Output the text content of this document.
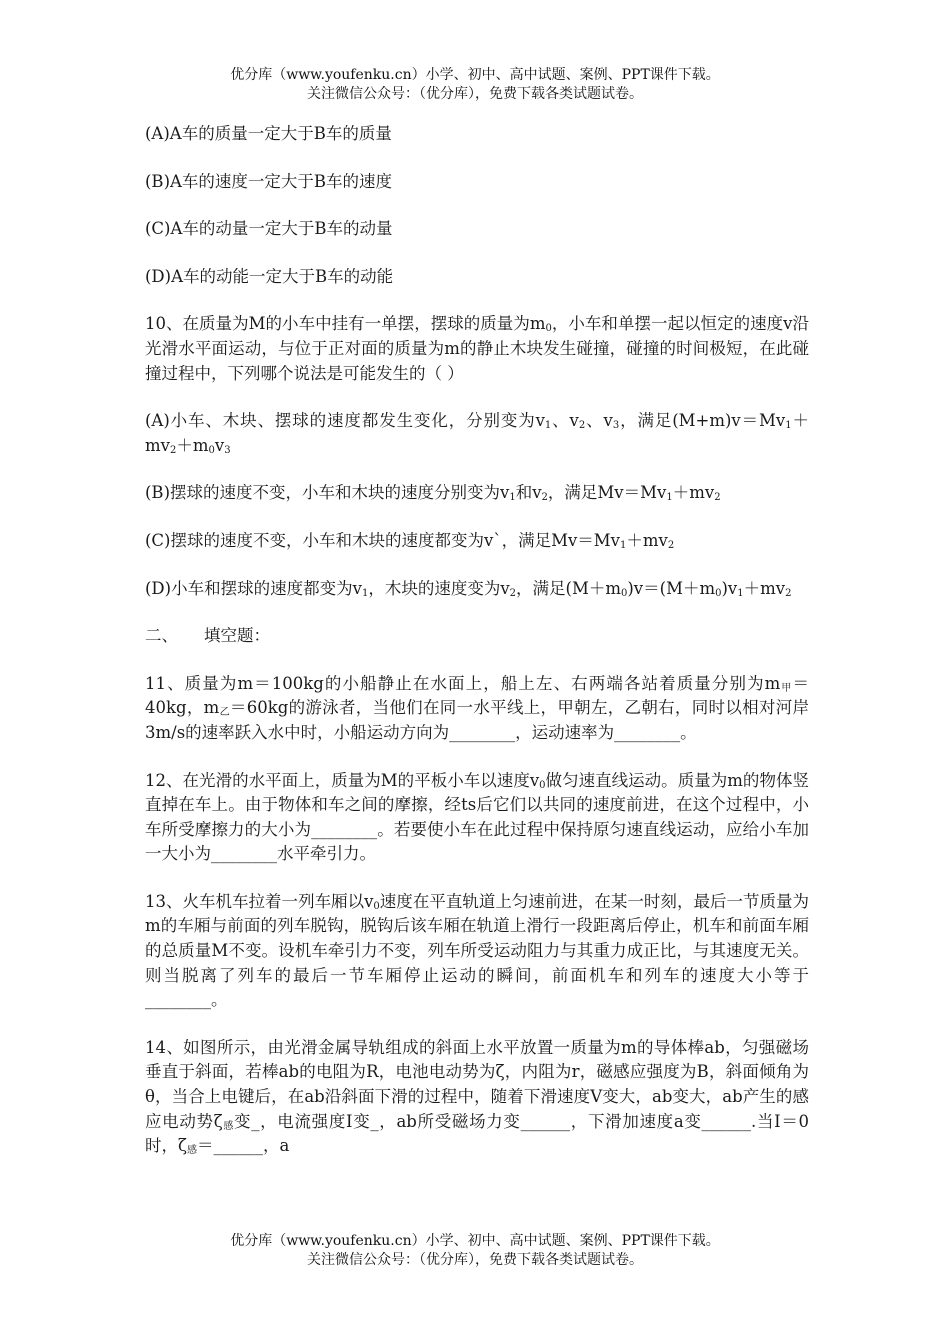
优分库（www.youfenku.cn）小学、初中、高中试题、案例、PPT课件下载。
关注微信公众号：（优分库），免费下载各类试题试卷。

(A)A车的质量一定大于B车的质量

(B)A车的速度一定大于B车的速度

(C)A车的动量一定大于B车的动量

(D)A车的动能一定大于B车的动能

10、在质量为M的小车中挂有一单摆，摆球的质量为$m_0$，小车和单摆一起以恒定的速度v沿光滑水平面运动，与位于正对面的质量为m的静止木块发生碰撞，碰撞的时间极短，在此碰撞过程中，下列哪个说法是可能发生的（ ）

(A)小车、木块、摆球的速度都发生变化，分别变为$v_1$、$v_2$、$v_3$，满足$(M+m)v=Mv_1+mv_2+m_0v_3$

(B)摆球的速度不变，小车和木块的速度分别变为$v_1$和$v_2$，满足$Mv=Mv_1+mv_2$

(C)摆球的速度不变，小车和木块的速度都变为v`，满足$Mv=Mv_1+mv_2$

(D)小车和摆球的速度都变为$v_1$，木块的速度变为$v_2$，满足$(M+m_0)v=(M+m_0)v_1+mv_2$

二、 填空题：

11、质量为m＝100kg的小船静止在水面上，船上左、右两端各站着质量分别为$m_甲=40kg$，$m_乙=60kg$的游泳者，当他们在同一水平线上，甲朝左，乙朝右，同时以相对河岸3m/s的速率跃入水中时，小船运动方向为________，运动速率为________。

12、在光滑的水平面上，质量为M的平板小车以速度$v_0$做匀速直线运动。质量为m的物体竖直掉在车上。由于物体和车之间的摩擦，经ts后它们以共同的速度前进，在这个过程中，小车所受摩擦力的大小为________。若要使小车在此过程中保持原匀速直线运动，应给小车加一大小为________水平牵引力。

13、火车机车拉着一列车厢以$v_0$速度在平直轨道上匀速前进，在某一时刻，最后一节质量为m的车厢与前面的列车脱钩，脱钩后该车厢在轨道上滑行一段距离后停止，机车和前面车厢的总质量M不变。设机车牵引力不变，列车所受运动阻力与其重力成正比，与其速度无关。则当脱离了列车的最后一节车厢停止运动的瞬间，前面机车和列车的速度大小等于________。

14、如图所示，由光滑金属导轨组成的斜面上水平放置一质量为m的导体棒ab，匀强磁场垂直于斜面，若棒ab的电阻为R，电池电动势为ζ，内阻为r，磁感应强度为B，斜面倾角为θ，当合上电键后，在ab沿斜面下滑的过程中，随着下滑速度V变大，ab变大，ab产生的感应电动势$\zeta_感$变_，电流强度I变_，ab所受磁场力变______，下滑加速度a变______.当I＝0时，$\zeta_感=\_\_\_\_\_\_$，a

优分库（www.youfenku.cn）小学、初中、高中试题、案例、PPT课件下载。
关注微信公众号：（优分库），免费下载各类试题试卷。
